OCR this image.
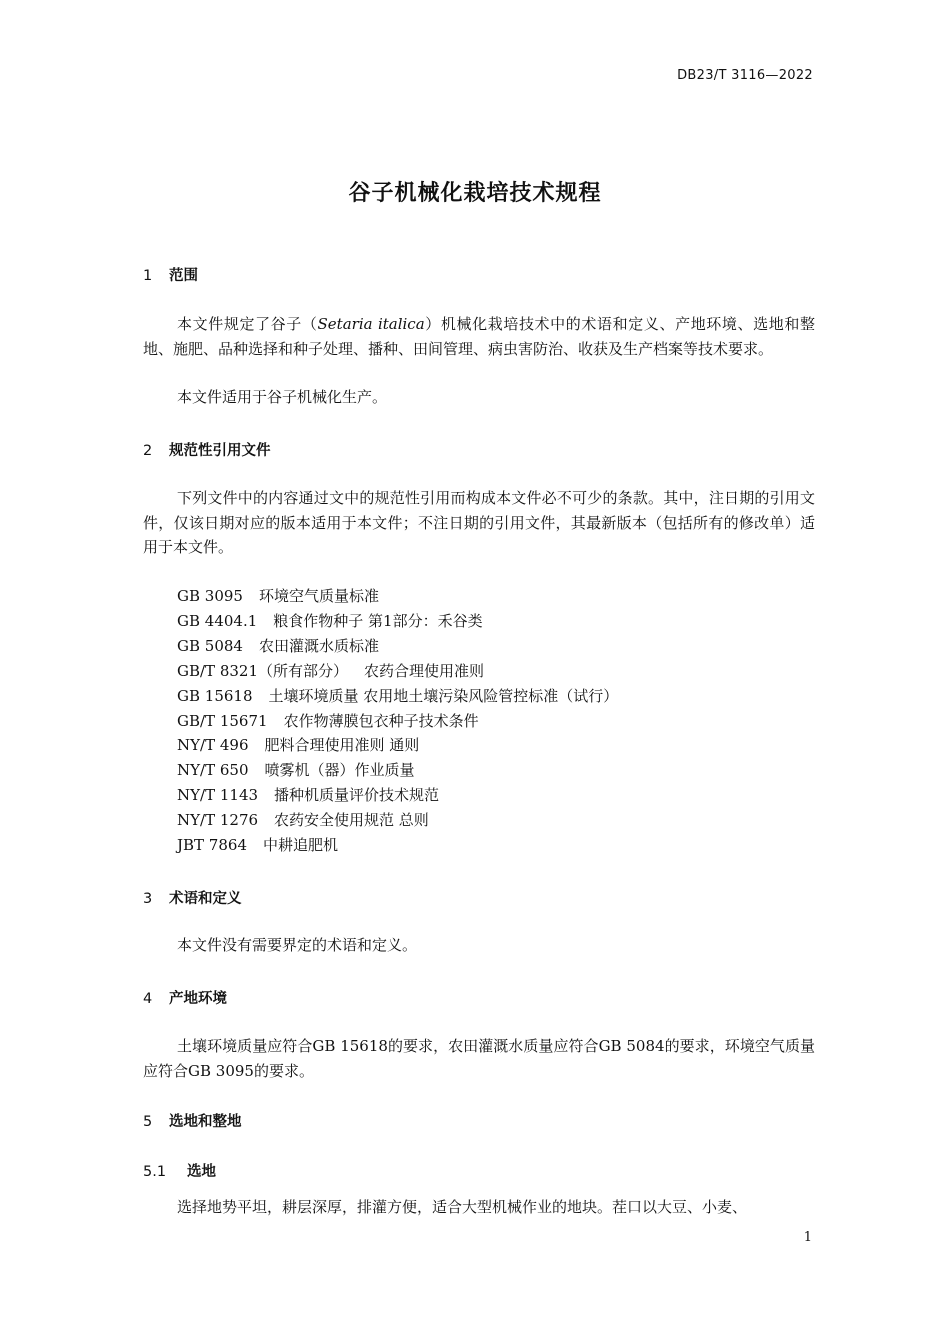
DB23/T 3116—2022
谷子机械化栽培技术规程
1 范围

本文件规定了谷子（Setaria italica）机械化栽培技术中的术语和定义、产地环境、选地和整地、施肥、品种选择和种子处理、播种、田间管理、病虫害防治、收获及生产档案等技术要求。

本文件适用于谷子机械化生产。

2 规范性引用文件

下列文件中的内容通过文中的规范性引用而构成本文件必不可少的条款。其中，注日期的引用文件，仅该日期对应的版本适用于本文件；不注日期的引用文件，其最新版本（包括所有的修改单）适用于本文件。

GB 3095 环境空气质量标准
GB 4404.1 粮食作物种子 第1部分：禾谷类
GB 5084 农田灌溉水质标准
GB/T 8321（所有部分） 农药合理使用准则
GB 15618 土壤环境质量 农用地土壤污染风险管控标准（试行）
GB/T 15671 农作物薄膜包衣种子技术条件
NY/T 496 肥料合理使用准则 通则
NY/T 650 喷雾机（器）作业质量
NY/T 1143 播种机质量评价技术规范
NY/T 1276 农药安全使用规范 总则
JBT 7864 中耕追肥机
3 术语和定义

本文件没有需要界定的术语和定义。

4 产地环境

土壤环境质量应符合GB 15618的要求，农田灌溉水质量应符合GB 5084的要求，环境空气质量应符合GB 3095的要求。

5 选地和整地
5.1 选地

选择地势平坦，耕层深厚，排灌方便，适合大型机械作业的地块。茬口以大豆、小麦、

1
